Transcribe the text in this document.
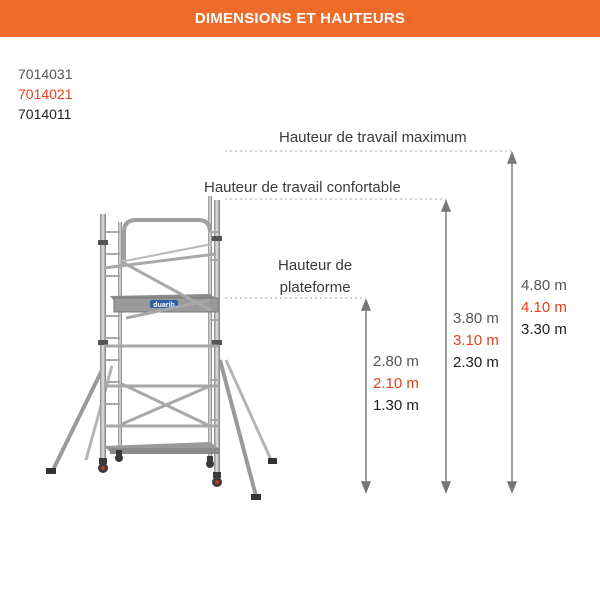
DIMENSIONS ET HAUTEURS
7014031
7014021
7014011
duarib
Hauteur de travail maximum
Hauteur de travail confortable
Hauteur de
plateforme
2.80 m
2.10 m
1.30 m
3.80 m
3.10 m
2.30 m
4.80 m
4.10 m
3.30 m
